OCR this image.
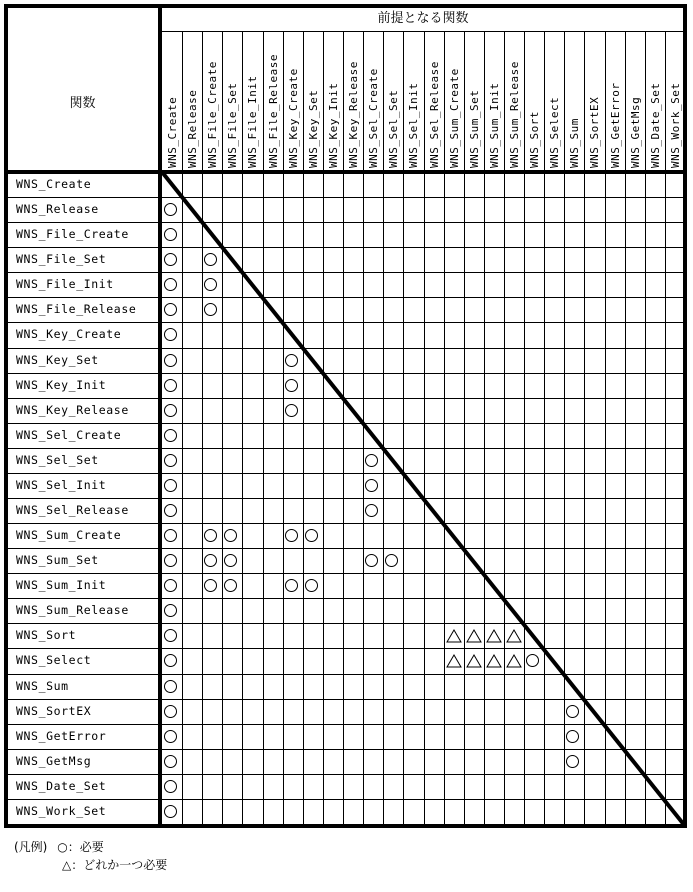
前提となる関数
関数	WNS_Create WNS_Release WNS_File_Create WNS_File_Set WNS_File_Init WNS_File_Release WNS_Key_Create WNS_Key_Set WNS_Key_Init WNS_Key_Release WNS_Sel_Create WNS_Sel_Set WNS_Sel_Init WNS_Sel_Release WNS_Sum_Create WNS_Sum_Set WNS_Sum_Init WNS_Sum_Release WNS_Sort WNS_Select WNS_Sum WNS_SortEX WNS_GetError WNS_GetMsg WNS_Date_Set WNS_Work_Set
WNS_Create
WNS_Release
WNS_File_Create
WNS_File_Set
WNS_File_Init
WNS_File_Release
WNS_Key_Create
WNS_Key_Set
WNS_Key_Init
WNS_Key_Release
WNS_Sel_Create
WNS_Sel_Set
WNS_Sel_Init
WNS_Sel_Release
WNS_Sum_Create
WNS_Sum_Set
WNS_Sum_Init
WNS_Sum_Release
WNS_Sort
WNS_Select
WNS_Sum
WNS_SortEX
WNS_GetError
WNS_GetMsg
WNS_Date_Set
WNS_Work_Set
(凡例) ○：必要
△：どれか一つ必要
